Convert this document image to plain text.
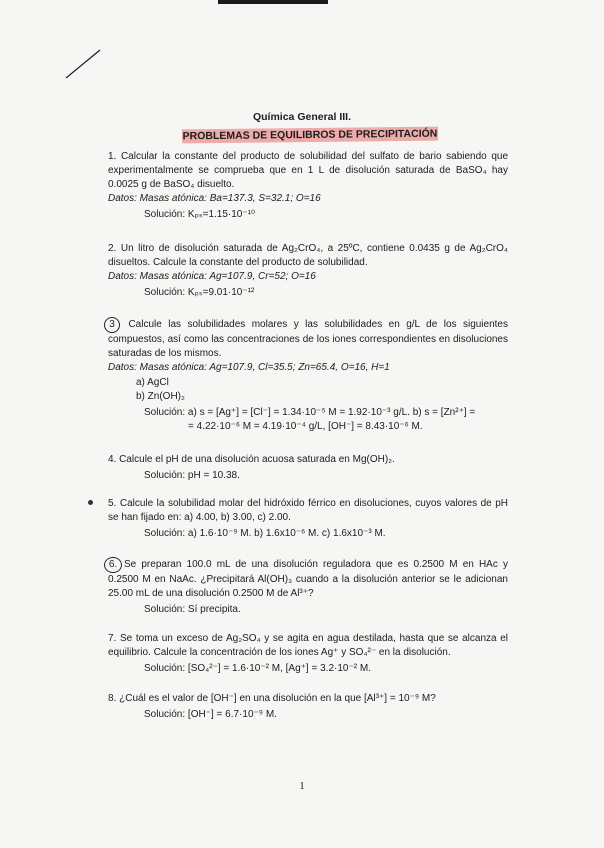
Química General III.
PROBLEMAS DE EQUILIBROS DE PRECIPITACIÓN

1. Calcular la constante del producto de solubilidad del sulfato de bario sabiendo que experimentalmente se comprueba que en 1 L de disolución saturada de BaSO₄ hay 0.0025 g de BaSO₄ disuelto.

Datos: Masas atónica: Ba=137.3, S=32.1; O=16

Solución: Kₚₛ=1.15·10⁻¹⁰

2. Un litro de disolución saturada de Ag₂CrO₄, a 25ºC, contiene 0.0435 g de Ag₂CrO₄ disueltos. Calcule la constante del producto de solubilidad.

Datos: Masas atónica: Ag=107.9, Cr=52; O=16

Solución: Kₚₛ=9.01·10⁻¹²

3 Calcule las solubilidades molares y las solubilidades en g/L de los siguientes compuestos, así como las concentraciones de los iones correspondientes en disoluciones saturadas de los mismos.

Datos: Masas atónica: Ag=107.9, Cl=35.5; Zn=65.4, O=16, H=1

a) AgCl
b) Zn(OH)₂

Solución: a) s = [Ag⁺] = [Cl⁻] = 1.34·10⁻⁵ M = 1.92·10⁻³ g/L. b) s = [Zn²⁺] =

= 4.22·10⁻⁶ M = 4.19·10⁻⁴ g/L, [OH⁻] = 8.43·10⁻⁶ M.

4. Calcule el pH de una disolución acuosa saturada en Mg(OH)₂.

Solución: pH = 10.38.

5. Calcule la solubilidad molar del hidróxido férrico en disoluciones, cuyos valores de pH se han fijado en: a) 4.00, b) 3.00, c) 2.00.

Solución: a) 1.6·10⁻⁹ M. b) 1.6x10⁻⁶ M. c) 1.6x10⁻³ M.

6. Se preparan 100.0 mL de una disolución reguladora que es 0.2500 M en HAc y 0.2500 M en NaAc. ¿Precipitará Al(OH)₃ cuando a la disolución anterior se le adicionan 25.00 mL de una disolución 0.2500 M de Al³⁺?

Solución: Sí precipita.

7. Se toma un exceso de Ag₂SO₄ y se agita en agua destilada, hasta que se alcanza el equilibrio. Calcule la concentración de los iones Ag⁺ y SO₄²⁻ en la disolución.

Solución: [SO₄²⁻] = 1.6·10⁻² M, [Ag⁺] = 3.2·10⁻² M.

8. ¿Cuál es el valor de [OH⁻] en una disolución en la que [Al³⁺] = 10⁻⁹ M?

Solución: [OH⁻] = 6.7·10⁻⁹ M.

1
